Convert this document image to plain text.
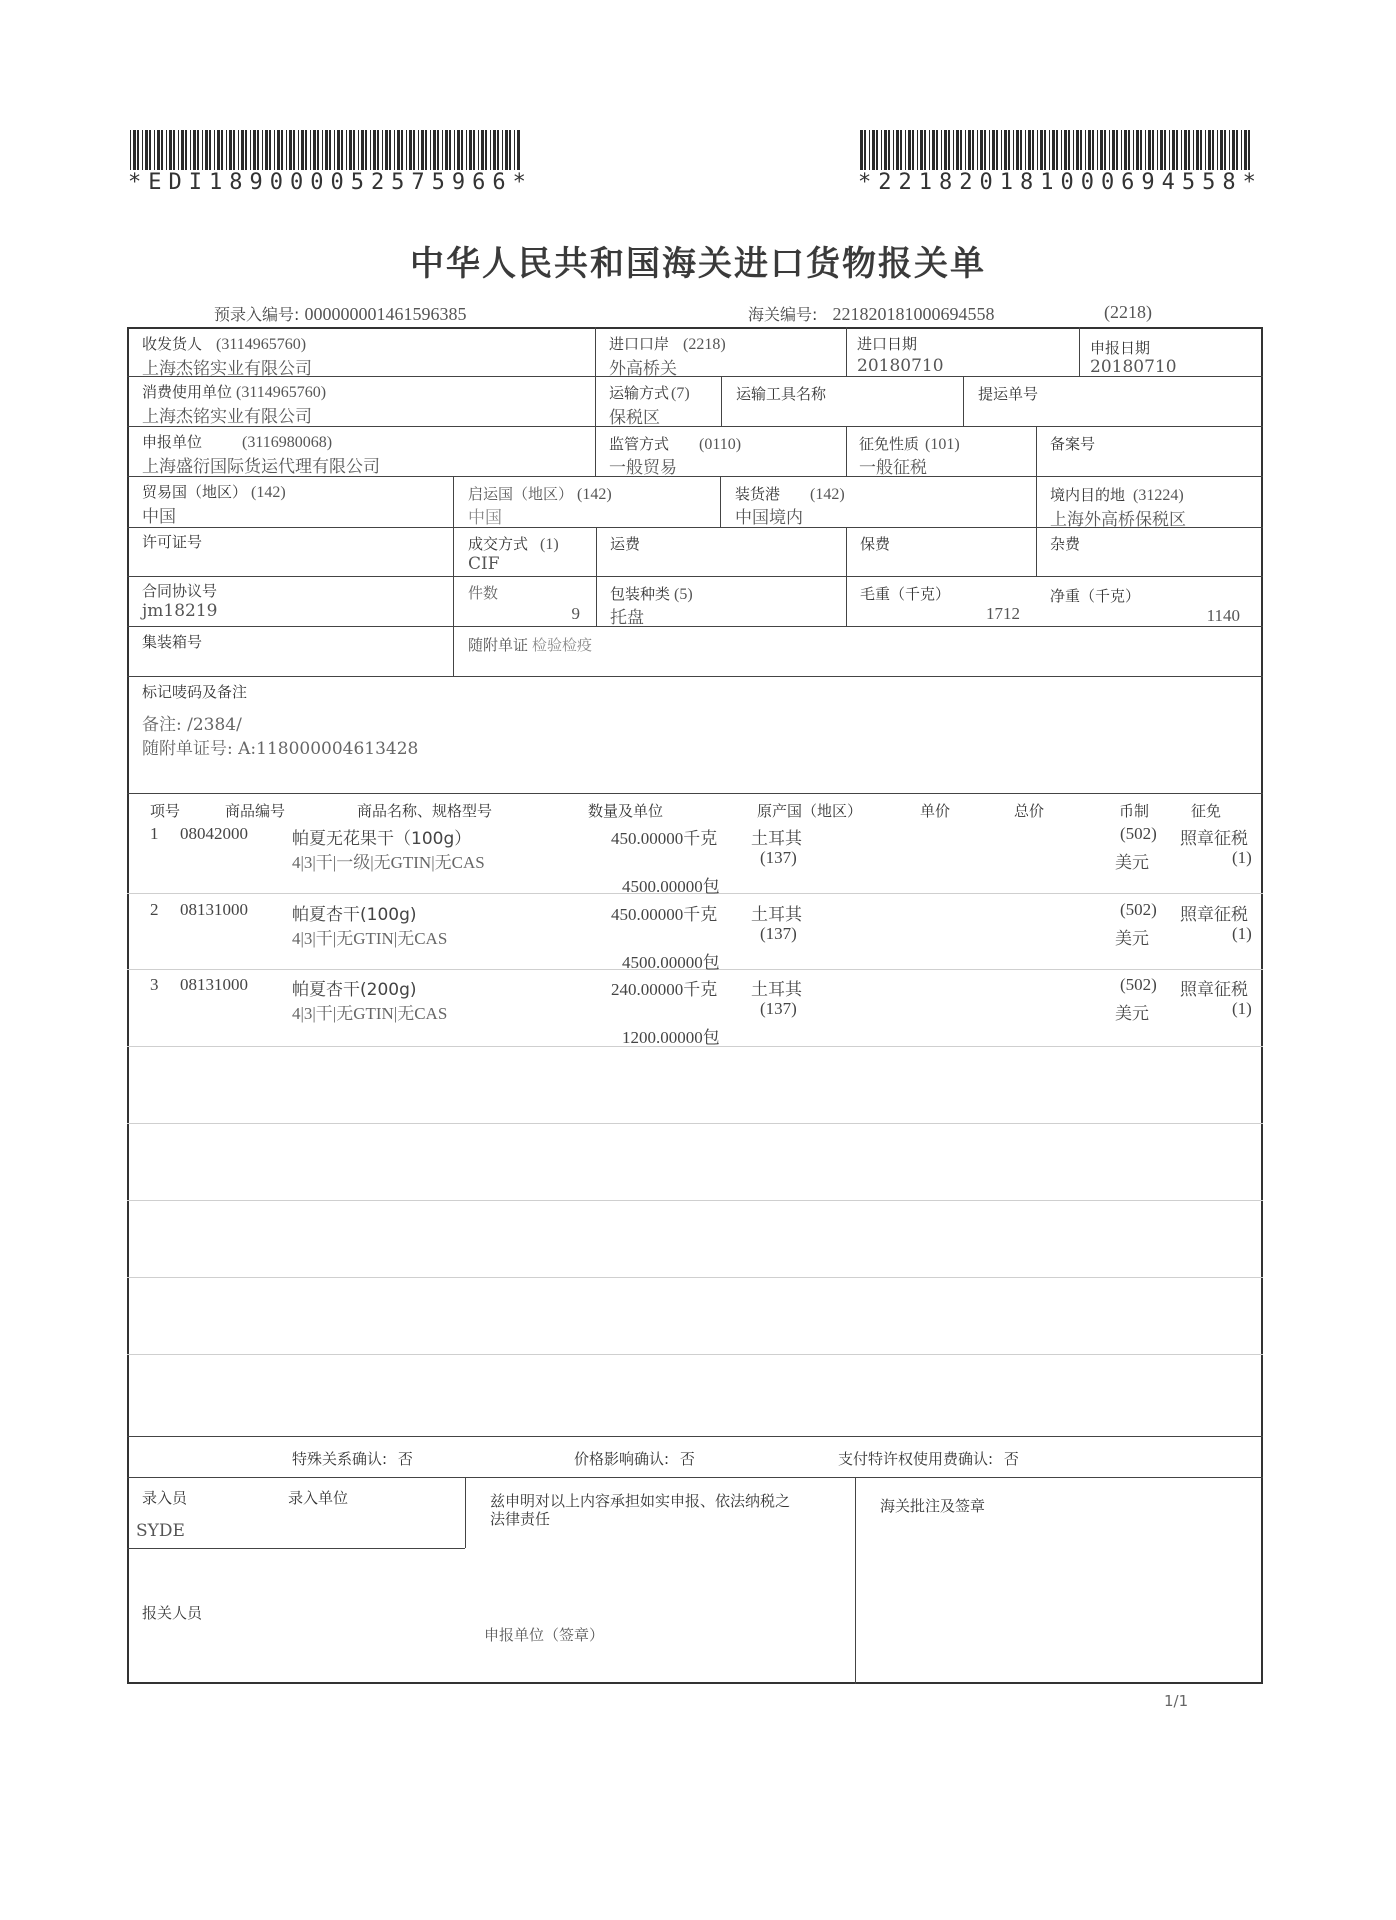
*EDI189000052575966*	*221820181000694558*
中华人民共和国海关进口货物报关单
预录入编号: 000000001461596385	海关编号: 221820181000694558	(2218)
收发货人 (3114965760)
上海杰铭实业有限公司
进口口岸 (2218)
外高桥关
进口日期
20180710
申报日期
20180710
消费使用单位 (3114965760)
上海杰铭实业有限公司
运输方式 (7)
保税区
运输工具名称	提运单号
申报单位	(3116980068)
上海盛衍国际货运代理有限公司
监管方式 (0110)
一般贸易
征免性质 (101)
一般征税
备案号
贸易国（地区） (142)
中国
启运国（地区） (142)
中国
装货港 (142)
中国境内
境内目的地 (31224)
上海外高桥保税区
许可证号	成交方式 (1)
CIF
运费	保费	杂费
合同协议号
jm18219
件数
9
包装种类 (5)
托盘
毛重（千克）
1712
净重（千克）
1140
集装箱号	随附单证 检验检疫
标记唛码及备注
备注: /2384/
随附单证号: A:118000004613428
项号	商品编号	商品名称、规格型号	数量及单位	原产国（地区）	单价	总价	币制	征免
1 08042000	帕夏无花果干（100g）
4|3|干|一级|无GTIN|无CAS
450.00000千克
4500.00000包
土耳其
(137)
(502)
美元
照章征税
(1)
2 08131000	帕夏杏干(100g)
4|3|干|无GTIN|无CAS
450.00000千克
4500.00000包
土耳其
(137)
(502)
美元
照章征税
(1)
3 08131000	帕夏杏干(200g)
4|3|干|无GTIN|无CAS
240.00000千克
1200.00000包
土耳其
(137)
(502)
美元
照章征税
(1)
特殊关系确认: 否	价格影响确认: 否	支付特许权使用费确认: 否
录入员	录入单位
SYDE
兹申明对以上内容承担如实申报、依法纳税之
法律责任
海关批注及签章
报关人员
申报单位（签章）
1/1
